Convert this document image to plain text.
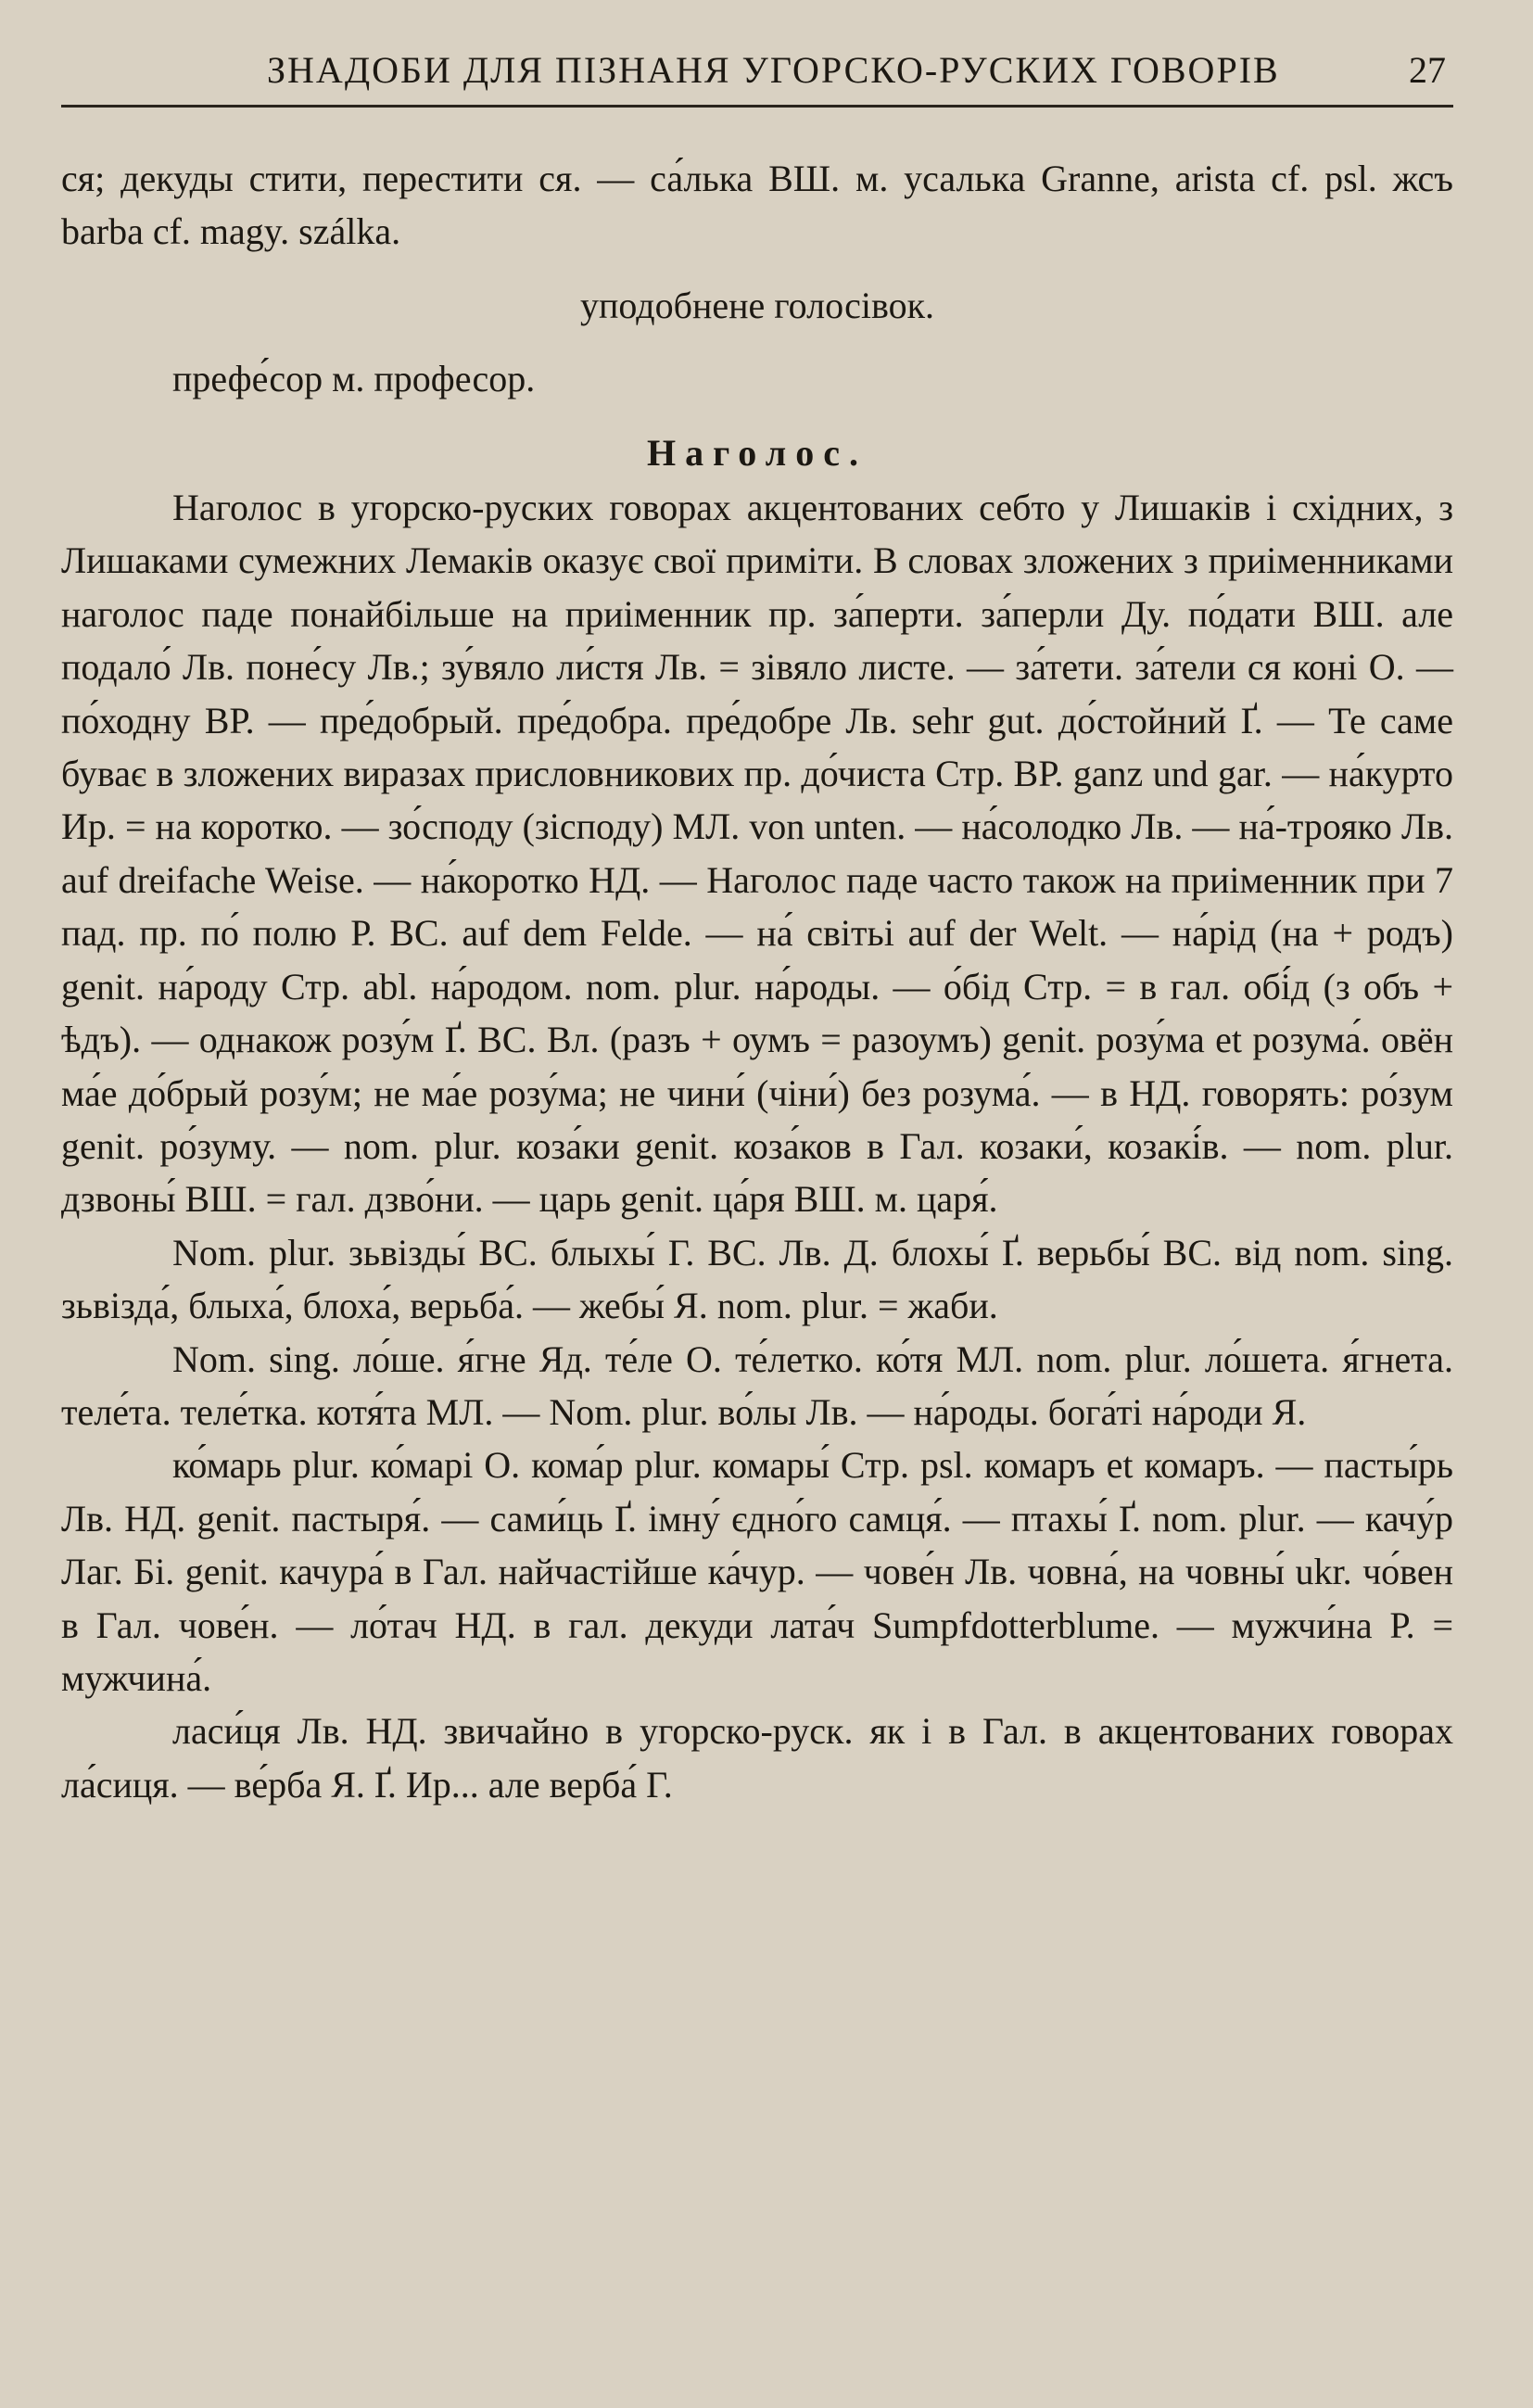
ЗНАДОБИ ДЛЯ ПІЗНАНЯ УГОРСКО-РУСКИХ ГОВОРІВ	27

ся; декуды стити, перестити ся. — са́лька ВШ. м. усалька Granne, arista cf. psl. жсъ barba cf. magy. szálka.

уподобнене голосівок.

префе́сор м. професор.

Наголос.

Наголос в угорско-руских говорах акцентованих себто у Лишаків і східних, з Лишаками сумежних Лемаків оказує свої приміти. В словах зложених з приіменниками наголос паде понайбільше на приіменник пр. за́перти. за́перли Ду. по́дати ВШ. але подало́ Лв. поне́су Лв.; зу́вяло ли́стя Лв. = зівяло листе. — за́тети. за́тели ся коні О. — по́ходну ВР. — пре́добрый. пре́добра. пре́добре Лв. sehr gut. до́стойний Ґ. — Те саме буває в зложених виразах присловникових пр. до́чиста Стр. ВР. ganz und gar. — на́курто Ир. = на коротко. — зо́споду (зісподу) МЛ. von unten. — на́солодко Лв. — на́-трояко Лв. auf dreifache Weise. — на́коротко НД. — Наголос паде часто також на приіменник при 7 пад. пр. по́ полю Р. ВС. auf dem Felde. — на́ світьі auf der Welt. — на́рід (на + родъ) genit. на́роду Стр. abl. на́родом. nom. plur. на́роды. — о́бід Стр. = в гал. обі́д (з объ + ѣдъ). — однакож розу́м Ґ. ВС. Вл. (разъ + оумъ = разоумъ) genit. розу́ма et розума́. овён ма́е до́брый розу́м; не ма́е розу́ма; не чини́ (чіни́) без розума́. — в НД. говорять: ро́зум genit. ро́зуму. — nom. plur. коза́ки genit. коза́ков в Гал. козаки́, козакі́в. — nom. plur. дзвоны́ ВШ. = гал. дзво́ни. — царь genit. ца́ря ВШ. м. царя́.

Nom. plur. зьвізды́ ВС. блыхы́ Г. ВС. Лв. Д. блохы́ Ґ. верьбы́ ВС. від nom. sing. зьвізда́, блыха́, блоха́, верьба́. — жебы́ Я. nom. plur. = жаби.

Nom. sing. ло́ше. я́гне Яд. те́ле О. те́летко. ко́тя МЛ. nom. plur. ло́шета. я́гнета. теле́та. теле́тка. котя́та МЛ. — Nom. plur. во́лы Лв. — на́роды. бога́ті на́роди Я.

ко́марь plur. ко́марі О. кома́р plur. комары́ Стр. psl. комаръ et комаръ. — пасты́рь Лв. НД. genit. пастыря́. — сами́ць Ґ. імну́ єдно́го самця́. — птахы́ Ґ. nom. plur. — качу́р Лаг. Бі. genit. качура́ в Гал. найчастійше ка́чур. — чове́н Лв. човна́, на човны́ ukr. чо́вен в Гал. чове́н. — ло́тач НД. в гал. декуди лата́ч Sumpfdotterblume. — мужчи́на Р. = мужчина́.

ласи́ця Лв. НД. звичайно в угорско-руск. як і в Гал. в акцентованих говорах ла́сиця. — ве́рба Я. Ґ. Ир... але верба́ Г.
